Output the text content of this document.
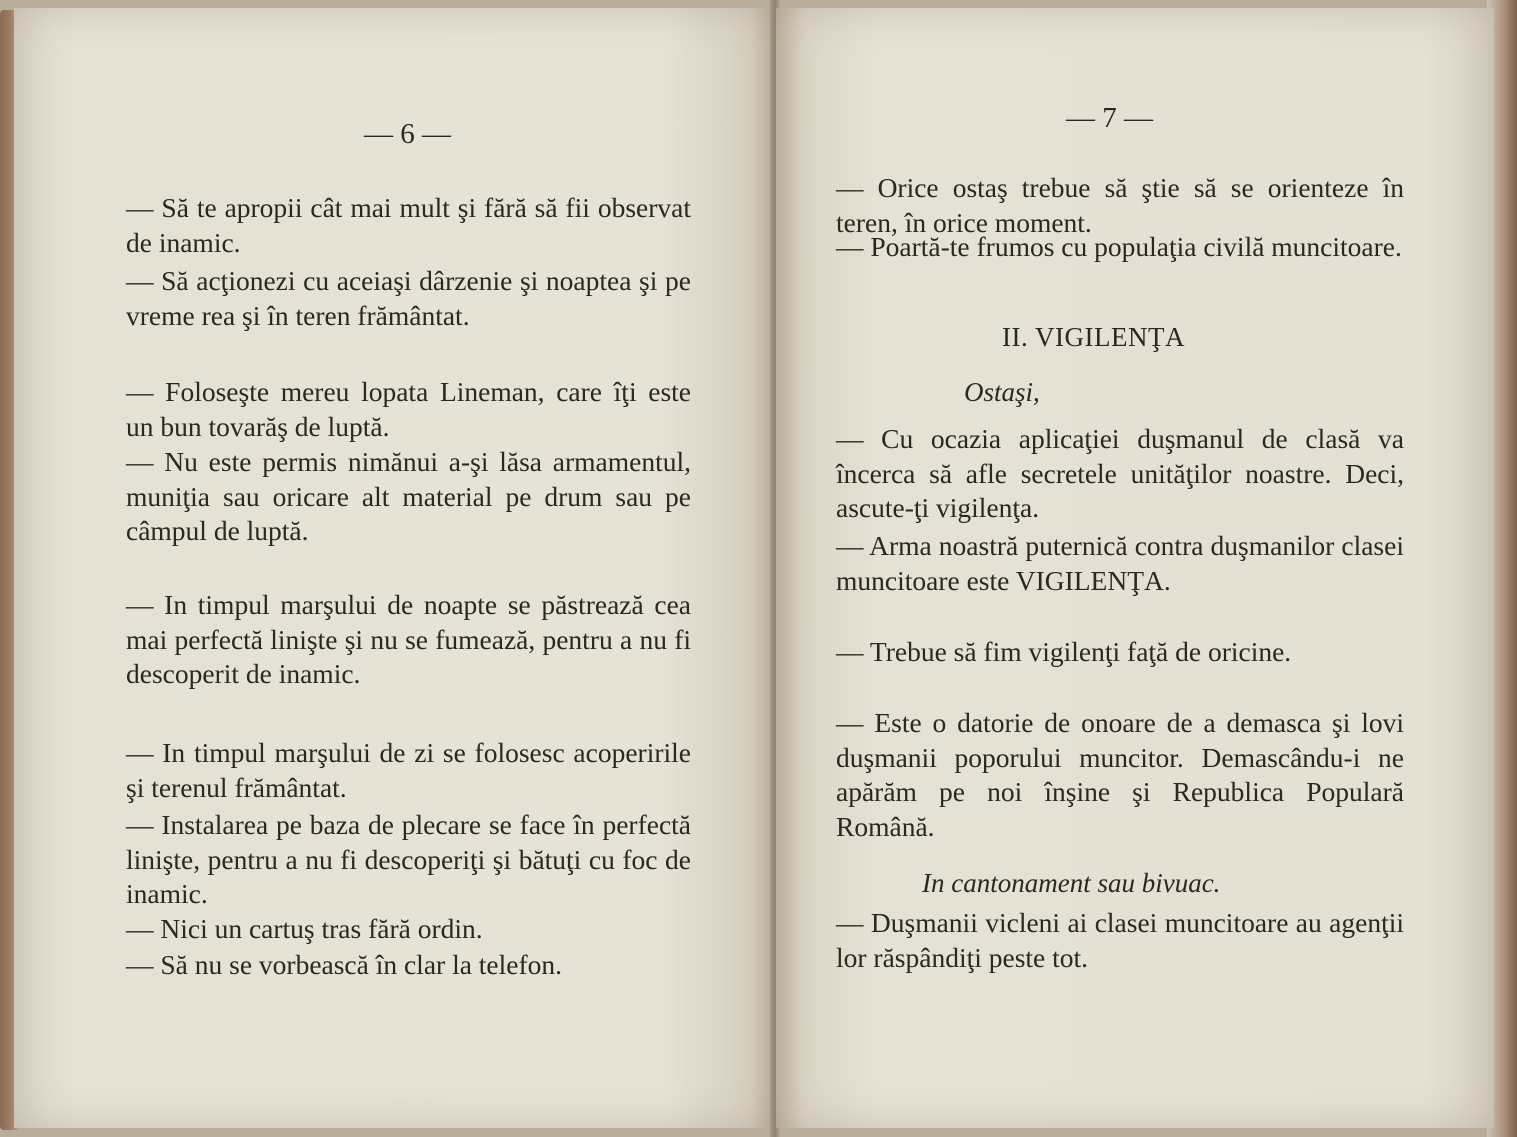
— 6 —
— Să te apropii cât mai mult şi fără să fii observat de inamic.
— Să acţionezi cu aceiaşi dârzenie şi noaptea şi pe vreme rea şi în teren frământat.
— Foloseşte mereu lopata Lineman, care îţi este un bun tovarăş de luptă.
— Nu este permis nimănui a-şi lăsa armamentul, muniţia sau oricare alt material pe drum sau pe câmpul de luptă.
— In timpul marşului de noapte se păstrează cea mai perfectă linişte şi nu se fumează, pentru a nu fi descoperit de inamic.
— In timpul marşului de zi se folosesc acoperirile şi terenul frământat.
— Instalarea pe baza de plecare se face în perfectă linişte, pentru a nu fi descoperiţi şi bătuţi cu foc de inamic.
— Nici un cartuş tras fără ordin.
— Să nu se vorbească în clar la telefon.
— 7 —
— Orice ostaş trebue să ştie să se orienteze în teren, în orice moment.
— Poartă-te frumos cu populaţia civilă muncitoare.
II. VIGILENŢA
Ostaşi,
— Cu ocazia aplicaţiei duşmanul de clasă va încerca să afle secretele unităţilor noastre. Deci, ascute-ţi vigilenţa.
— Arma noastră puternică contra duşmanilor clasei muncitoare este VIGILENŢA.
— Trebue să fim vigilenţi faţă de oricine.
— Este o datorie de onoare de a demasca şi lovi duşmanii poporului muncitor. Demascându-i ne apărăm pe noi înşine şi Republica Populară Română.
In cantonament sau bivuac.
— Duşmanii vicleni ai clasei muncitoare au agenţii lor răspândiţi peste tot.
